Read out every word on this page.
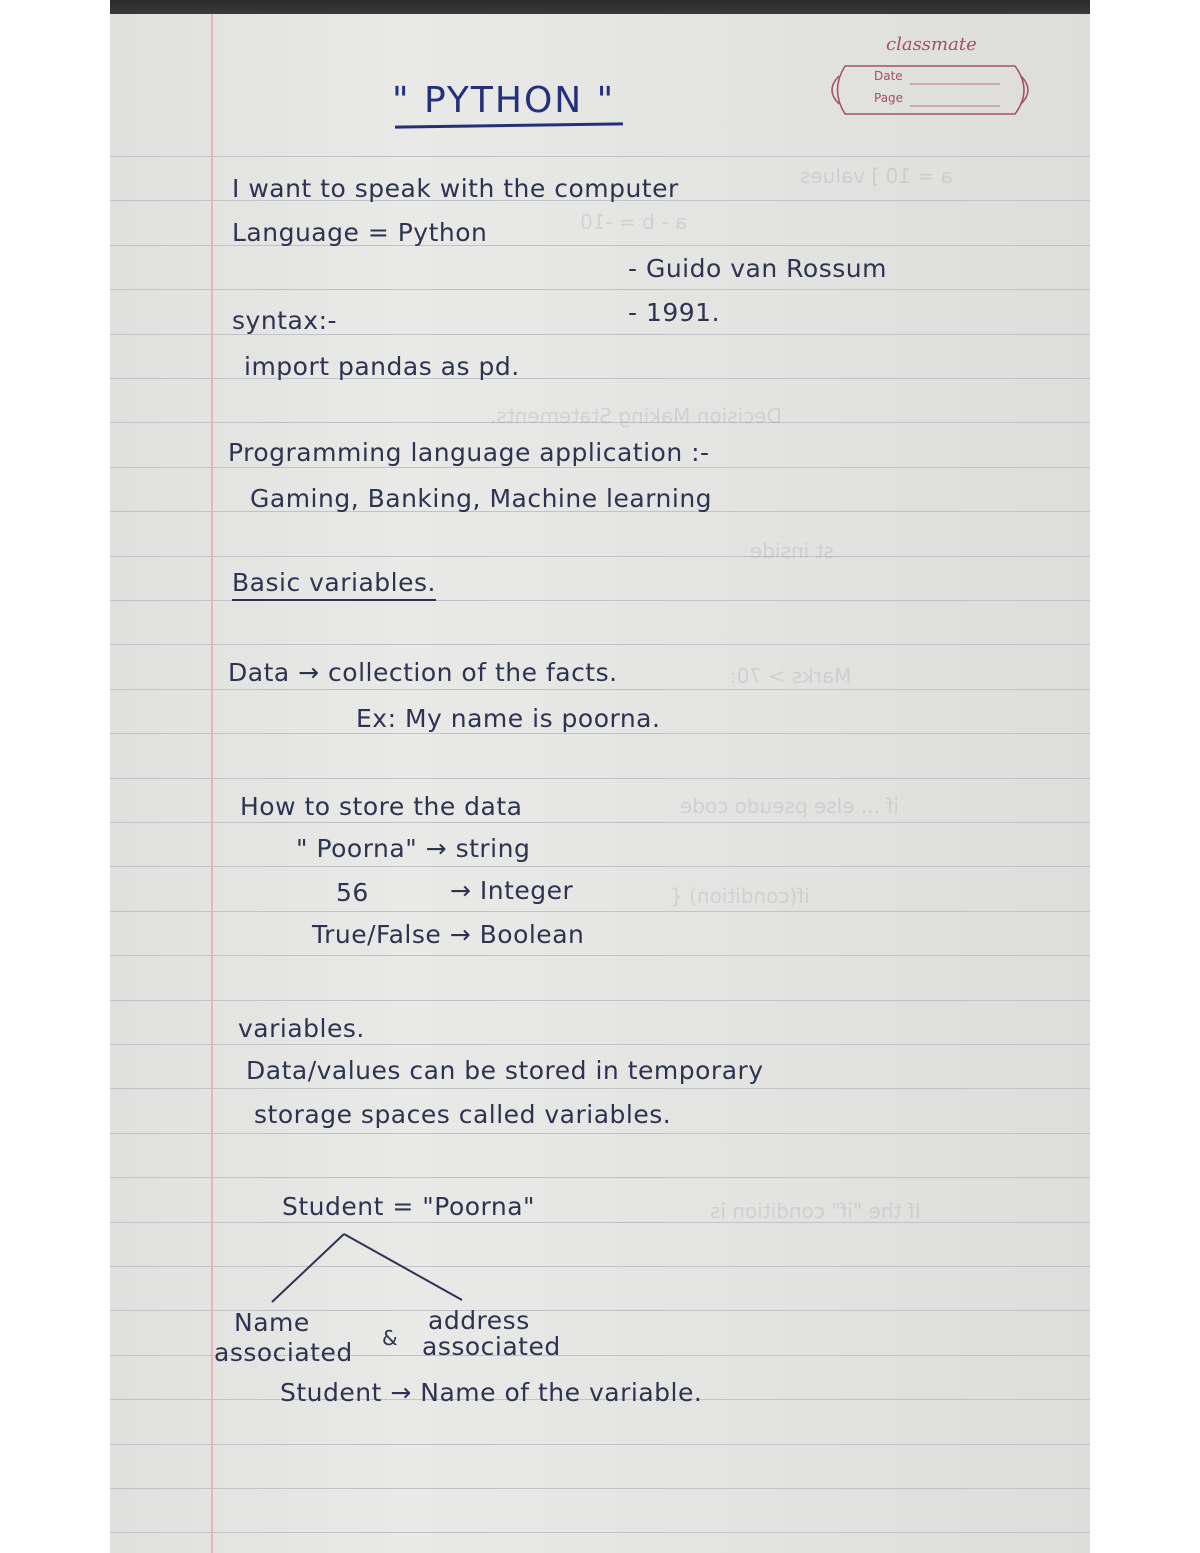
a = 10 ] values
a - b = -10
Decision Making Statements.
st inside
Marks > 70:
if ... else pseudo code
if(condition) {
If the "if" condition is
classmate
Date
Page
" PYTHON "
I want to speak with the computer
Language = Python
- Guido van Rossum
syntax:-	- 1991.
import pandas as pd.
Programming language application :-
Gaming, Banking, Machine learning
Basic variables.
Data → collection of the facts.
Ex: My name is poorna.
How to store the data
" Poorna" → string
56	→ Integer
True/False → Boolean
variables.
Data/values can be stored in temporary
storage spaces called variables.
Student = "Poorna"
Name	address
associated & associated
Student → Name of the variable.
